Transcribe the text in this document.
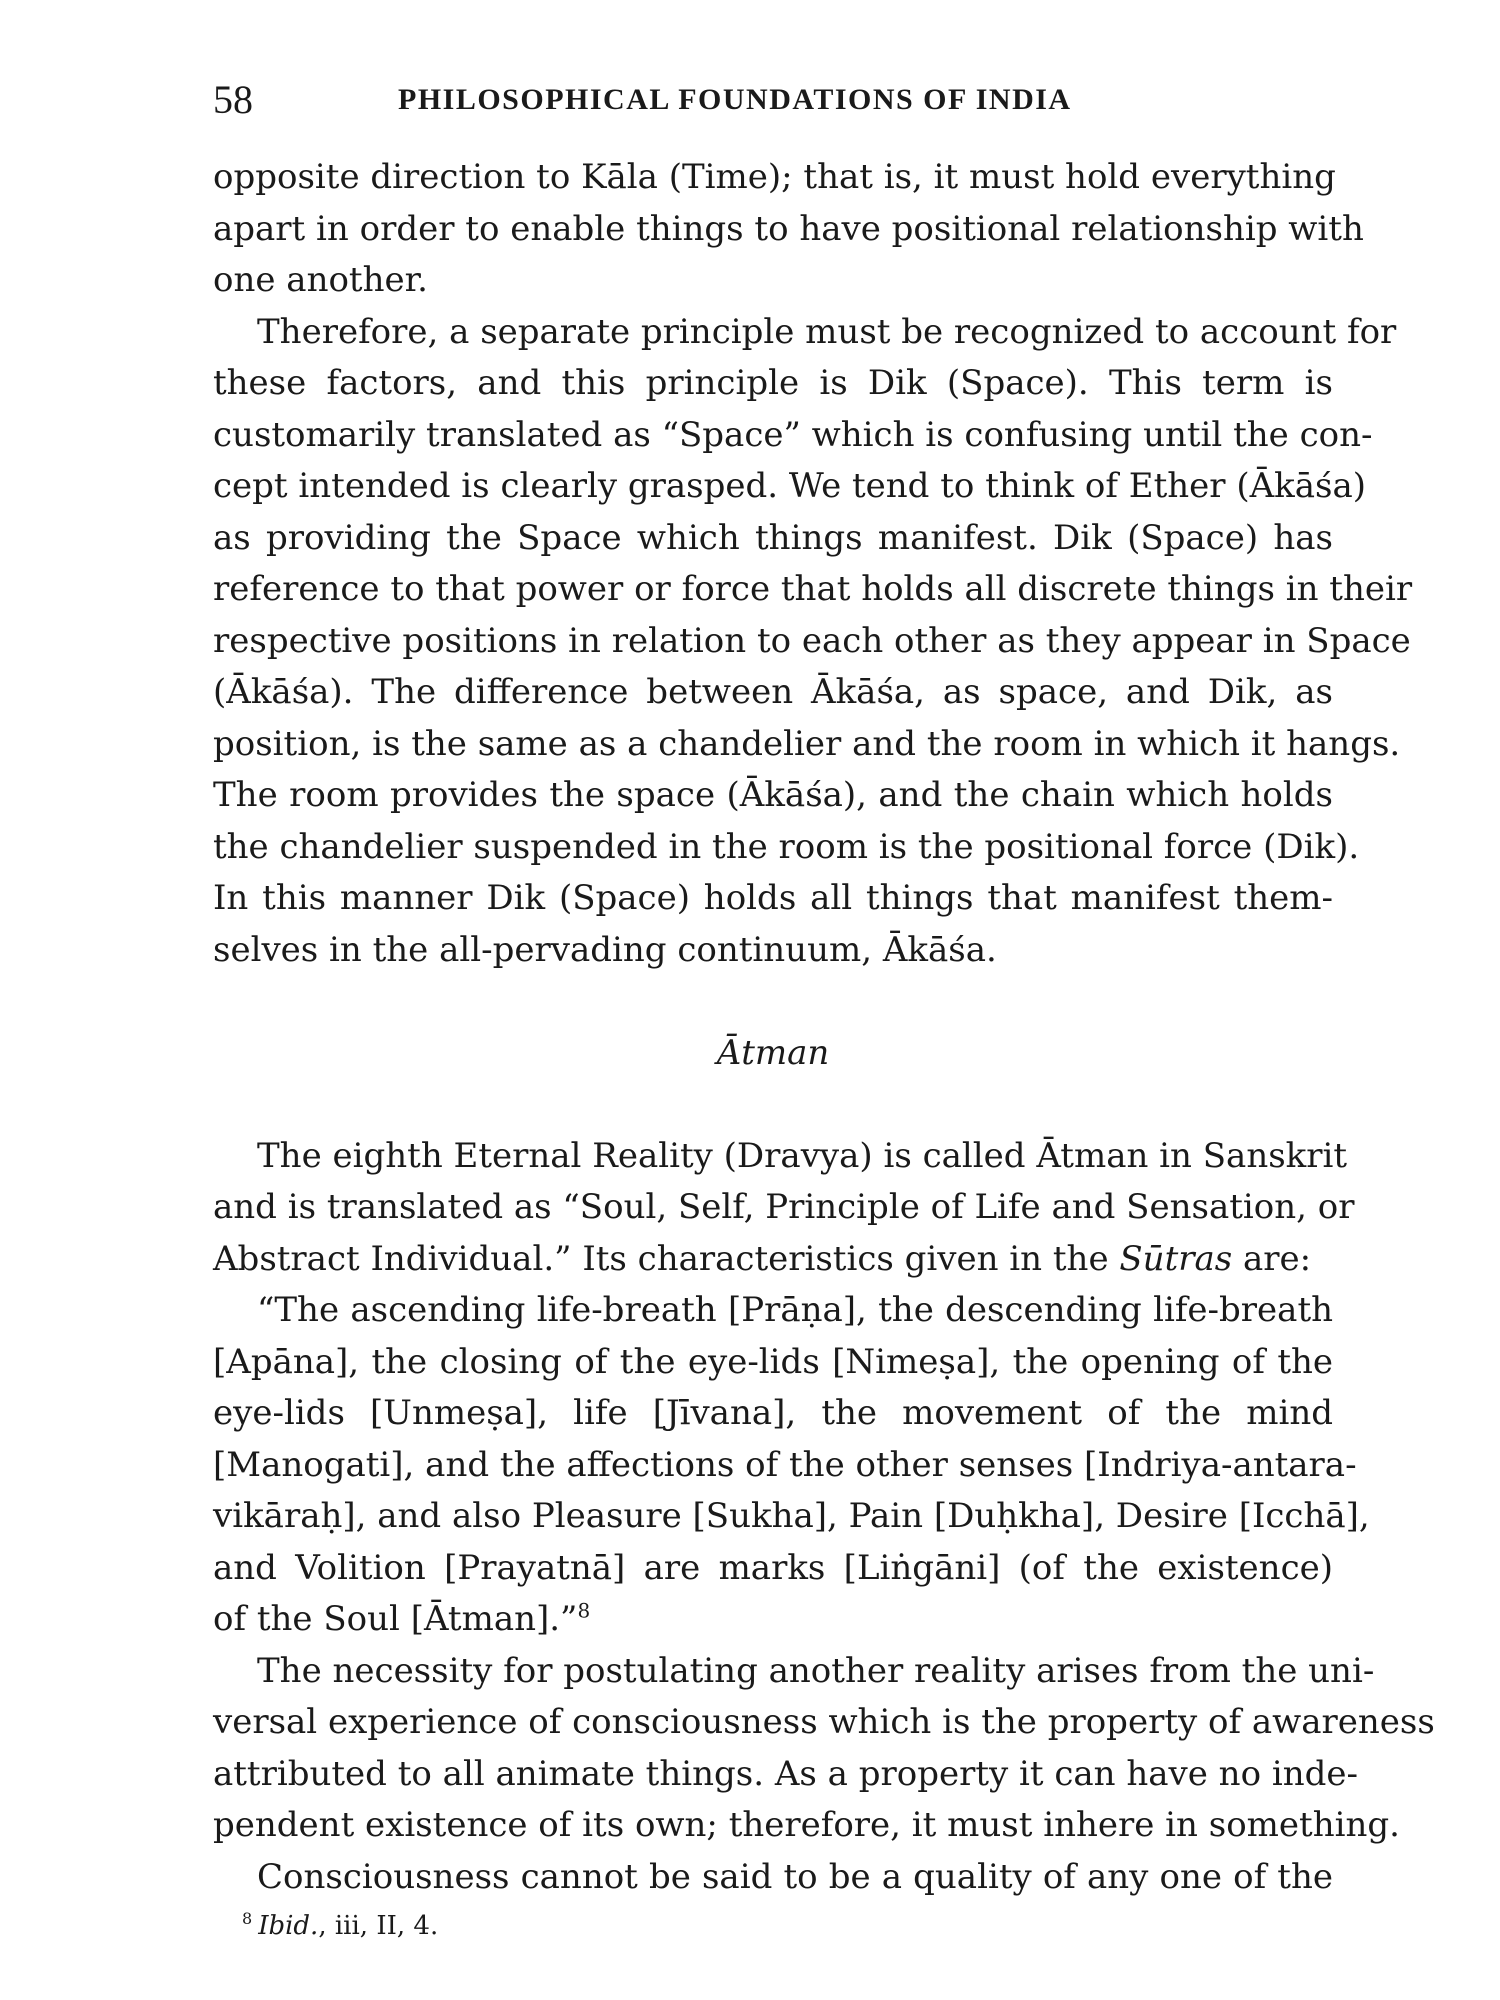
58	PHILOSOPHICAL FOUNDATIONS OF INDIA
opposite direction to Kāla (Time); that is, it must hold everything
apart in order to enable things to have positional relationship with
one another.
Therefore, a separate principle must be recognized to account for
these factors, and this principle is Dik (Space). This term is
customarily translated as “Space” which is confusing until the con-
cept intended is clearly grasped. We tend to think of Ether (Ākāśa)
as providing the Space which things manifest. Dik (Space) has
reference to that power or force that holds all discrete things in their
respective positions in relation to each other as they appear in Space
(Ākāśa). The difference between Ākāśa, as space, and Dik, as
position, is the same as a chandelier and the room in which it hangs.
The room provides the space (Ākāśa), and the chain which holds
the chandelier suspended in the room is the positional force (Dik).
In this manner Dik (Space) holds all things that manifest them-
selves in the all-pervading continuum, Ākāśa.
Ātman
The eighth Eternal Reality (Dravya) is called Ātman in Sanskrit
and is translated as “Soul, Self, Principle of Life and Sensation, or
Abstract Individual.” Its characteristics given in the Sūtras are:
“The ascending life-breath [Prāṇa], the descending life-breath
[Apāna], the closing of the eye-lids [Nimeṣa], the opening of the
eye-lids [Unmeṣa], life [Jīvana], the movement of the mind
[Manogati], and the affections of the other senses [Indriya-antara-
vikāraḥ], and also Pleasure [Sukha], Pain [Duḥkha], Desire [Icchā],
and Volition [Prayatnā] are marks [Liṅgāni] (of the existence)
of the Soul [Ātman].”$^8$
The necessity for postulating another reality arises from the uni-
versal experience of consciousness which is the property of awareness
attributed to all animate things. As a property it can have no inde-
pendent existence of its own; therefore, it must inhere in something.
Consciousness cannot be said to be a quality of any one of the
$^8$ Ibid., iii, II, 4.
